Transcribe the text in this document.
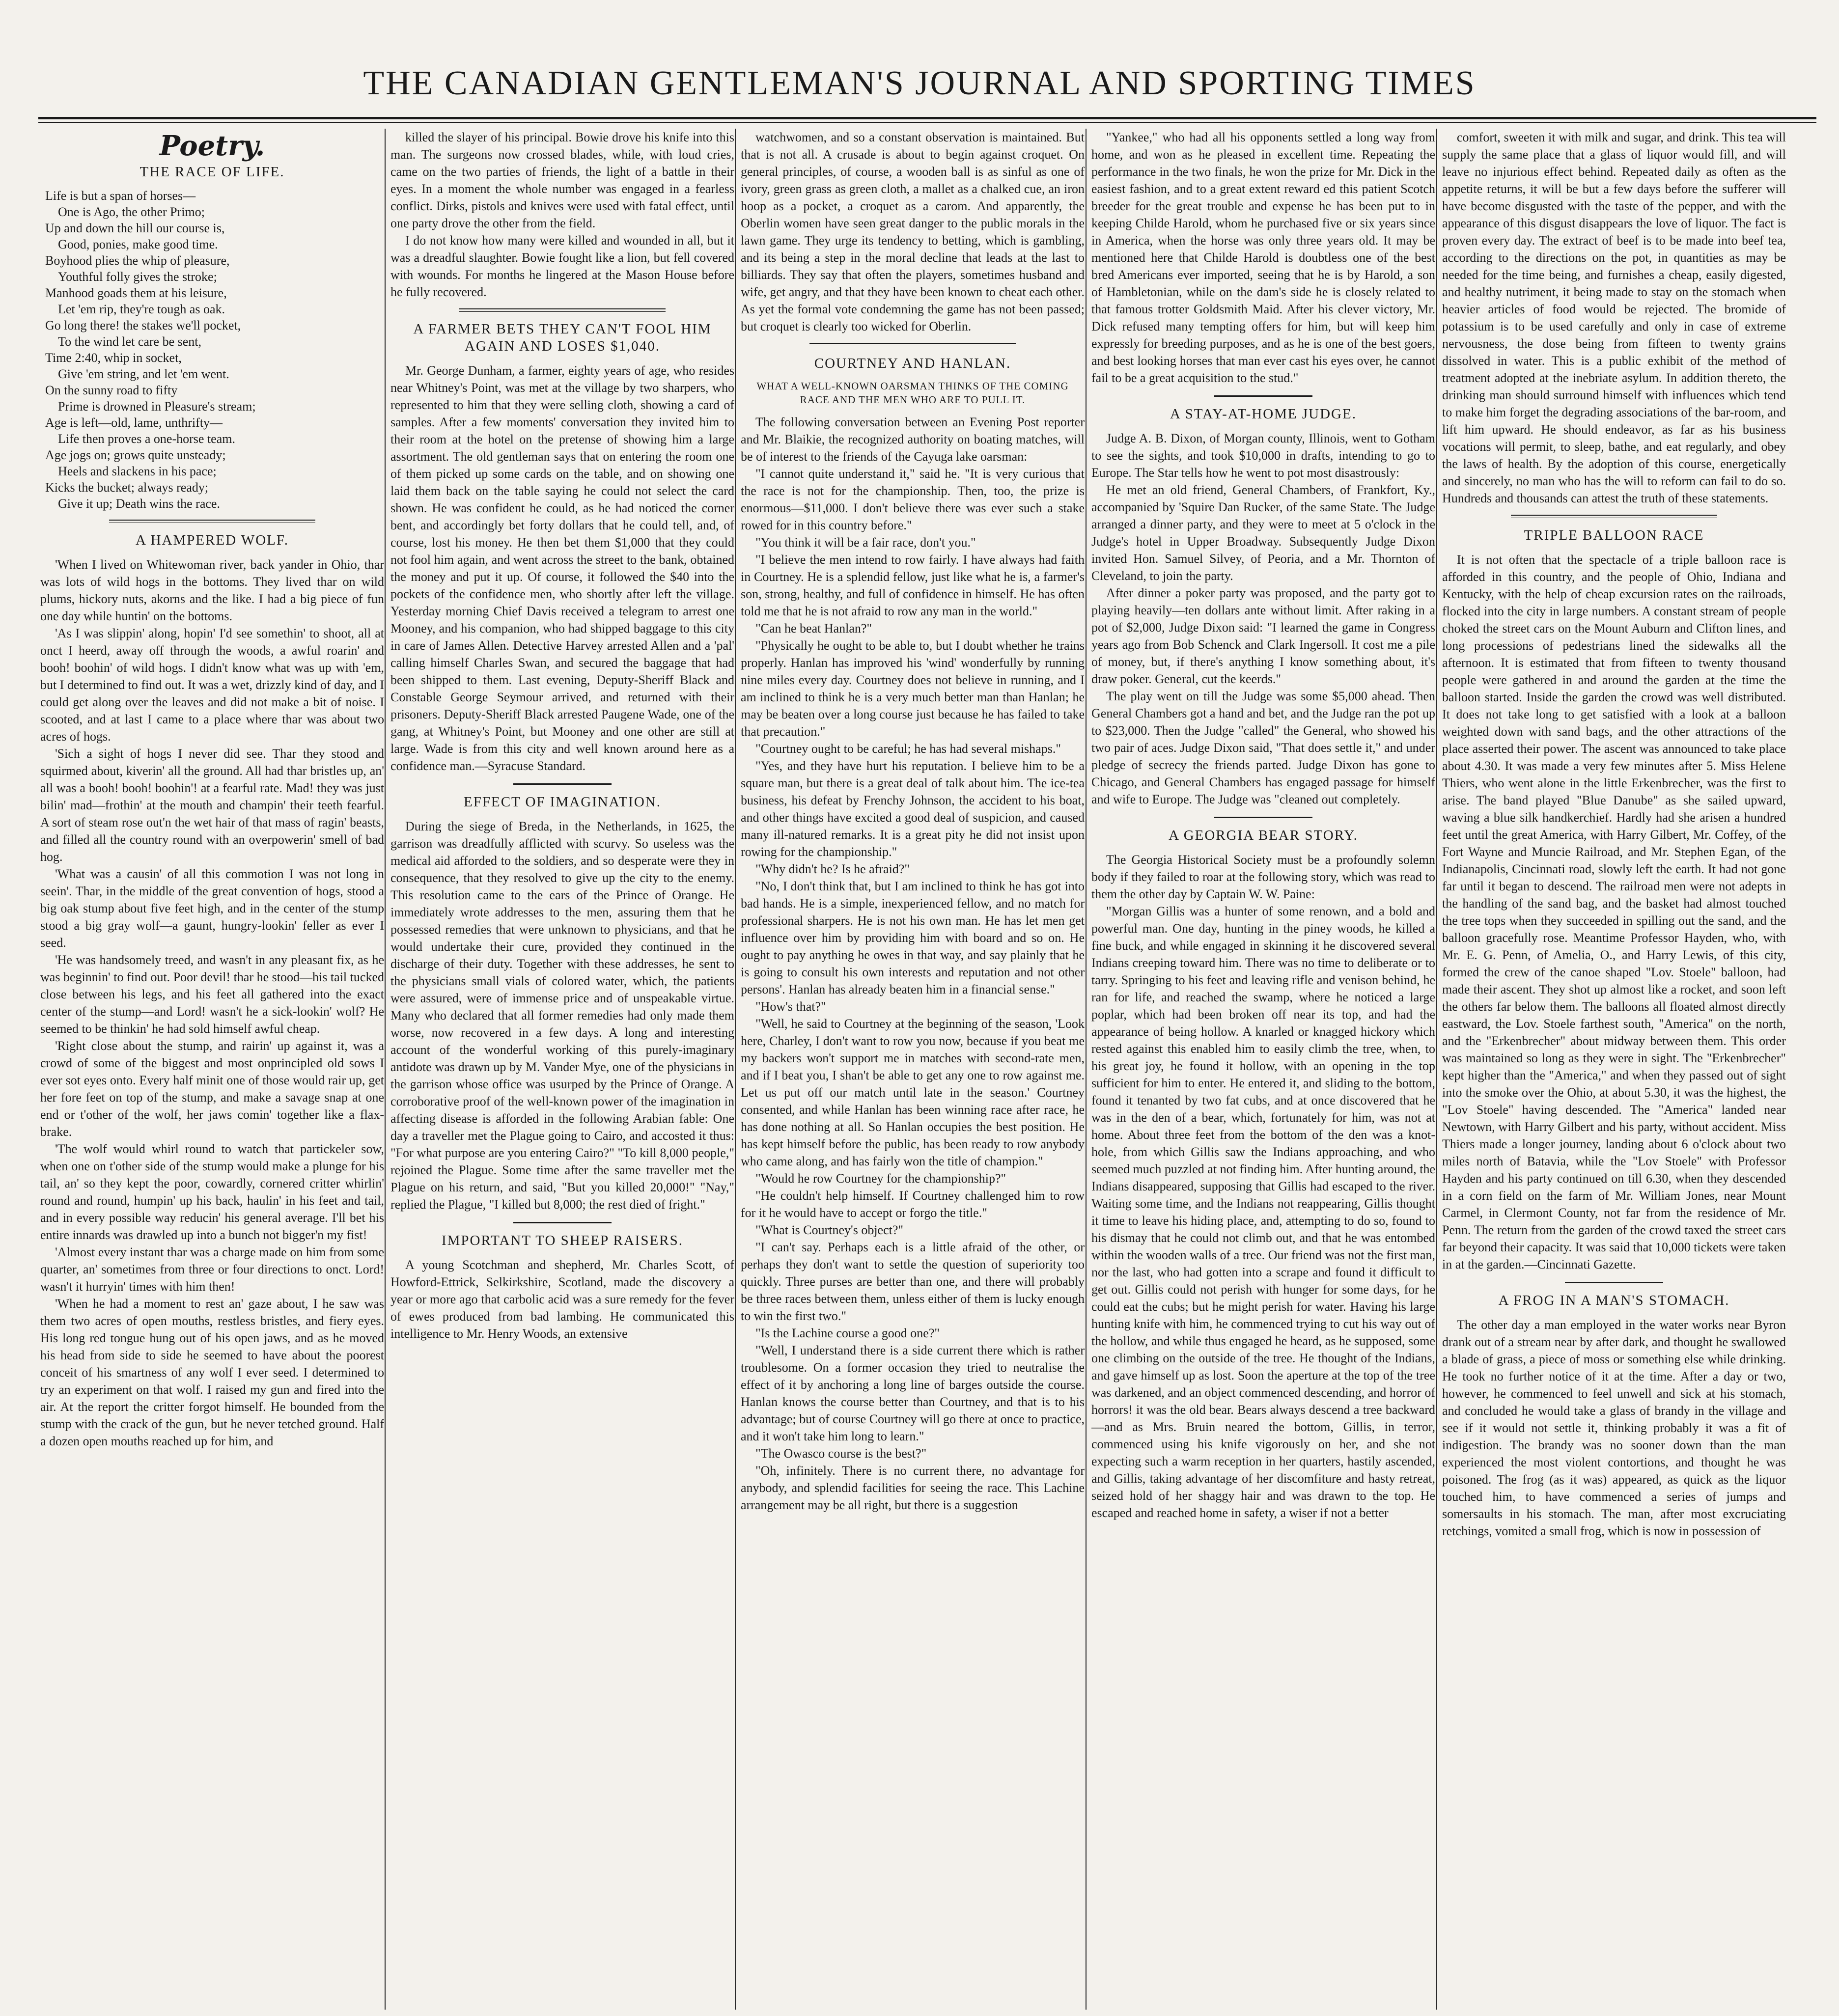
THE CANADIAN GENTLEMAN'S JOURNAL AND SPORTING TIMES
Poetry.
THE RACE OF LIFE.
Life is but a span of horses—
One is Ago, the other Primo;
Up and down the hill our course is,
Good, ponies, make good time.
Boyhood plies the whip of pleasure,
Youthful folly gives the stroke;
Manhood goads them at his leisure,
Let 'em rip, they're tough as oak.
Go long there! the stakes we'll pocket,
To the wind let care be sent,
Time 2:40, whip in socket,
Give 'em string, and let 'em went.
On the sunny road to fifty
Prime is drowned in Pleasure's stream;
Age is left—old, lame, unthrifty—
Life then proves a one-horse team.
Age jogs on; grows quite unsteady;
Heels and slackens in his pace;
Kicks the bucket; always ready;
Give it up; Death wins the race.
A HAMPERED WOLF.

'When I lived on Whitewoman river, back yander in Ohio, thar was lots of wild hogs in the bottoms. They lived thar on wild plums, hickory nuts, akorns and the like. I had a big piece of fun one day while huntin' on the bottoms.

'As I was slippin' along, hopin' I'd see somethin' to shoot, all at onct I heerd, away off through the woods, a awful roarin' and booh! boohin' of wild hogs. I didn't know what was up with 'em, but I determined to find out. It was a wet, drizzly kind of day, and I could get along over the leaves and did not make a bit of noise. I scooted, and at last I came to a place where thar was about two acres of hogs.

'Sich a sight of hogs I never did see. Thar they stood and squirmed about, kiverin' all the ground. All had thar bristles up, an' all was a booh! booh! boohin'! at a fearful rate. Mad! they was just bilin' mad—frothin' at the mouth and champin' their teeth fearful. A sort of steam rose out'n the wet hair of that mass of ragin' beasts, and filled all the country round with an overpowerin' smell of bad hog.

'What was a causin' of all this commotion I was not long in seein'. Thar, in the middle of the great convention of hogs, stood a big oak stump about five feet high, and in the center of the stump stood a big gray wolf—a gaunt, hungry-lookin' feller as ever I seed.

'He was handsomely treed, and wasn't in any pleasant fix, as he was beginnin' to find out. Poor devil! thar he stood—his tail tucked close between his legs, and his feet all gathered into the exact center of the stump—and Lord! wasn't he a sick-lookin' wolf? He seemed to be thinkin' he had sold himself awful cheap.

'Right close about the stump, and rairin' up against it, was a crowd of some of the biggest and most onprincipled old sows I ever sot eyes onto. Every half minit one of those would rair up, get her fore feet on top of the stump, and make a savage snap at one end or t'other of the wolf, her jaws comin' together like a flax-brake.

'The wolf would whirl round to watch that partickeler sow, when one on t'other side of the stump would make a plunge for his tail, an' so they kept the poor, cowardly, cornered critter whirlin' round and round, humpin' up his back, haulin' in his feet and tail, and in every possible way reducin' his general average. I'll bet his entire innards was drawled up into a bunch not bigger'n my fist!

'Almost every instant thar was a charge made on him from some quarter, an' sometimes from three or four directions to onct. Lord! wasn't it hurryin' times with him then!

'When he had a moment to rest an' gaze about, I he saw was them two acres of open mouths, restless bristles, and fiery eyes. His long red tongue hung out of his open jaws, and as he moved his head from side to side he seemed to have about the poorest conceit of his smartness of any wolf I ever seed. I determined to try an experiment on that wolf. I raised my gun and fired into the air. At the report the critter forgot himself. He bounded from the stump with the crack of the gun, but he never tetched ground. Half a dozen open mouths reached up for him, and

killed the slayer of his principal. Bowie drove his knife into this man. The surgeons now crossed blades, while, with loud cries, came on the two parties of friends, the light of a battle in their eyes. In a moment the whole number was engaged in a fearless conflict. Dirks, pistols and knives were used with fatal effect, until one party drove the other from the field.

I do not know how many were killed and wounded in all, but it was a dreadful slaughter. Bowie fought like a lion, but fell covered with wounds. For months he lingered at the Mason House before he fully recovered.

A FARMER BETS THEY CAN'T FOOL HIM AGAIN AND LOSES $1,040.

Mr. George Dunham, a farmer, eighty years of age, who resides near Whitney's Point, was met at the village by two sharpers, who represented to him that they were selling cloth, showing a card of samples. After a few moments' conversation they invited him to their room at the hotel on the pretense of showing him a large assortment. The old gentleman says that on entering the room one of them picked up some cards on the table, and on showing one laid them back on the table saying he could not select the card shown. He was confident he could, as he had noticed the corner bent, and accordingly bet forty dollars that he could tell, and, of course, lost his money. He then bet them $1,000 that they could not fool him again, and went across the street to the bank, obtained the money and put it up. Of course, it followed the $40 into the pockets of the confidence men, who shortly after left the village. Yesterday morning Chief Davis received a telegram to arrest one Mooney, and his companion, who had shipped baggage to this city in care of James Allen. Detective Harvey arrested Allen and a 'pal' calling himself Charles Swan, and secured the baggage that had been shipped to them. Last evening, Deputy-Sheriff Black and Constable George Seymour arrived, and returned with their prisoners. Deputy-Sheriff Black arrested Paugene Wade, one of the gang, at Whitney's Point, but Mooney and one other are still at large. Wade is from this city and well known around here as a confidence man.—Syracuse Standard.

EFFECT OF IMAGINATION.

During the siege of Breda, in the Netherlands, in 1625, the garrison was dreadfully afflicted with scurvy. So useless was the medical aid afforded to the soldiers, and so desperate were they in consequence, that they resolved to give up the city to the enemy. This resolution came to the ears of the Prince of Orange. He immediately wrote addresses to the men, assuring them that he possessed remedies that were unknown to physicians, and that he would undertake their cure, provided they continued in the discharge of their duty. Together with these addresses, he sent to the physicians small vials of colored water, which, the patients were assured, were of immense price and of unspeakable virtue. Many who declared that all former remedies had only made them worse, now recovered in a few days. A long and interesting account of the wonderful working of this purely-imaginary antidote was drawn up by M. Vander Mye, one of the physicians in the garrison whose office was usurped by the Prince of Orange. A corroborative proof of the well-known power of the imagination in affecting disease is afforded in the following Arabian fable: One day a traveller met the Plague going to Cairo, and accosted it thus: "For what purpose are you entering Cairo?" "To kill 8,000 people," rejoined the Plague. Some time after the same traveller met the Plague on his return, and said, "But you killed 20,000!" "Nay," replied the Plague, "I killed but 8,000; the rest died of fright."

IMPORTANT TO SHEEP RAISERS.

A young Scotchman and shepherd, Mr. Charles Scott, of Howford-Ettrick, Selkirkshire, Scotland, made the discovery a year or more ago that carbolic acid was a sure remedy for the fever of ewes produced from bad lambing. He communicated this intelligence to Mr. Henry Woods, an extensive

watchwomen, and so a constant observation is maintained. But that is not all. A crusade is about to begin against croquet. On general principles, of course, a wooden ball is as sinful as one of ivory, green grass as green cloth, a mallet as a chalked cue, an iron hoop as a pocket, a croquet as a carom. And apparently, the Oberlin women have seen great danger to the public morals in the lawn game. They urge its tendency to betting, which is gambling, and its being a step in the moral decline that leads at the last to billiards. They say that often the players, sometimes husband and wife, get angry, and that they have been known to cheat each other. As yet the formal vote condemning the game has not been passed; but croquet is clearly too wicked for Oberlin.

COURTNEY AND HANLAN.
WHAT A WELL-KNOWN OARSMAN THINKS OF THE COMING RACE AND THE MEN WHO ARE TO PULL IT.

The following conversation between an Evening Post reporter and Mr. Blaikie, the recognized authority on boating matches, will be of interest to the friends of the Cayuga lake oarsman:

"I cannot quite understand it," said he. "It is very curious that the race is not for the championship. Then, too, the prize is enormous—$11,000. I don't believe there was ever such a stake rowed for in this country before."

"You think it will be a fair race, don't you."

"I believe the men intend to row fairly. I have always had faith in Courtney. He is a splendid fellow, just like what he is, a farmer's son, strong, healthy, and full of confidence in himself. He has often told me that he is not afraid to row any man in the world."

"Can he beat Hanlan?"

"Physically he ought to be able to, but I doubt whether he trains properly. Hanlan has improved his 'wind' wonderfully by running nine miles every day. Courtney does not believe in running, and I am inclined to think he is a very much better man than Hanlan; he may be beaten over a long course just because he has failed to take that precaution."

"Courtney ought to be careful; he has had several mishaps."

"Yes, and they have hurt his reputation. I believe him to be a square man, but there is a great deal of talk about him. The ice-tea business, his defeat by Frenchy Johnson, the accident to his boat, and other things have excited a good deal of suspicion, and caused many ill-natured remarks. It is a great pity he did not insist upon rowing for the championship."

"Why didn't he? Is he afraid?"

"No, I don't think that, but I am inclined to think he has got into bad hands. He is a simple, inexperienced fellow, and no match for professional sharpers. He is not his own man. He has let men get influence over him by providing him with board and so on. He ought to pay anything he owes in that way, and say plainly that he is going to consult his own interests and reputation and not other persons'. Hanlan has already beaten him in a financial sense."

"How's that?"

"Well, he said to Courtney at the beginning of the season, 'Look here, Charley, I don't want to row you now, because if you beat me my backers won't support me in matches with second-rate men, and if I beat you, I shan't be able to get any one to row against me. Let us put off our match until late in the season.' Courtney consented, and while Hanlan has been winning race after race, he has done nothing at all. So Hanlan occupies the best position. He has kept himself before the public, has been ready to row anybody who came along, and has fairly won the title of champion."

"Would he row Courtney for the championship?"

"He couldn't help himself. If Courtney challenged him to row for it he would have to accept or forgo the title."

"What is Courtney's object?"

"I can't say. Perhaps each is a little afraid of the other, or perhaps they don't want to settle the question of superiority too quickly. Three purses are better than one, and there will probably be three races between them, unless either of them is lucky enough to win the first two."

"Is the Lachine course a good one?"

"Well, I understand there is a side current there which is rather troublesome. On a former occasion they tried to neutralise the effect of it by anchoring a long line of barges outside the course. Hanlan knows the course better than Courtney, and that is to his advantage; but of course Courtney will go there at once to practice, and it won't take him long to learn."

"The Owasco course is the best?"

"Oh, infinitely. There is no current there, no advantage for anybody, and splendid facilities for seeing the race. This Lachine arrangement may be all right, but there is a suggestion

"Yankee," who had all his opponents settled a long way from home, and won as he pleased in excellent time. Repeating the performance in the two finals, he won the prize for Mr. Dick in the easiest fashion, and to a great extent reward ed this patient Scotch breeder for the great trouble and expense he has been put to in keeping Childe Harold, whom he purchased five or six years since in America, when the horse was only three years old. It may be mentioned here that Childe Harold is doubtless one of the best bred Americans ever imported, seeing that he is by Harold, a son of Hambletonian, while on the dam's side he is closely related to that famous trotter Goldsmith Maid. After his clever victory, Mr. Dick refused many tempting offers for him, but will keep him expressly for breeding purposes, and as he is one of the best goers, and best looking horses that man ever cast his eyes over, he cannot fail to be a great acquisition to the stud."

A STAY-AT-HOME JUDGE.

Judge A. B. Dixon, of Morgan county, Illinois, went to Gotham to see the sights, and took $10,000 in drafts, intending to go to Europe. The Star tells how he went to pot most disastrously:

He met an old friend, General Chambers, of Frankfort, Ky., accompanied by 'Squire Dan Rucker, of the same State. The Judge arranged a dinner party, and they were to meet at 5 o'clock in the Judge's hotel in Upper Broadway. Subsequently Judge Dixon invited Hon. Samuel Silvey, of Peoria, and a Mr. Thornton of Cleveland, to join the party.

After dinner a poker party was proposed, and the party got to playing heavily—ten dollars ante without limit. After raking in a pot of $2,000, Judge Dixon said: "I learned the game in Congress years ago from Bob Schenck and Clark Ingersoll. It cost me a pile of money, but, if there's anything I know something about, it's draw poker. General, cut the keerds."

The play went on till the Judge was some $5,000 ahead. Then General Chambers got a hand and bet, and the Judge ran the pot up to $23,000. Then the Judge "called" the General, who showed his two pair of aces. Judge Dixon said, "That does settle it," and under pledge of secrecy the friends parted. Judge Dixon has gone to Chicago, and General Chambers has engaged passage for himself and wife to Europe. The Judge was "cleaned out completely.

A GEORGIA BEAR STORY.

The Georgia Historical Society must be a profoundly solemn body if they failed to roar at the following story, which was read to them the other day by Captain W. W. Paine:

"Morgan Gillis was a hunter of some renown, and a bold and powerful man. One day, hunting in the piney woods, he killed a fine buck, and while engaged in skinning it he discovered several Indians creeping toward him. There was no time to deliberate or to tarry. Springing to his feet and leaving rifle and venison behind, he ran for life, and reached the swamp, where he noticed a large poplar, which had been broken off near its top, and had the appearance of being hollow. A knarled or knagged hickory which rested against this enabled him to easily climb the tree, when, to his great joy, he found it hollow, with an opening in the top sufficient for him to enter. He entered it, and sliding to the bottom, found it tenanted by two fat cubs, and at once discovered that he was in the den of a bear, which, fortunately for him, was not at home. About three feet from the bottom of the den was a knot-hole, from which Gillis saw the Indians approaching, and who seemed much puzzled at not finding him. After hunting around, the Indians disappeared, supposing that Gillis had escaped to the river. Waiting some time, and the Indians not reappearing, Gillis thought it time to leave his hiding place, and, attempting to do so, found to his dismay that he could not climb out, and that he was entombed within the wooden walls of a tree. Our friend was not the first man, nor the last, who had gotten into a scrape and found it difficult to get out. Gillis could not perish with hunger for some days, for he could eat the cubs; but he might perish for water. Having his large hunting knife with him, he commenced trying to cut his way out of the hollow, and while thus engaged he heard, as he supposed, some one climbing on the outside of the tree. He thought of the Indians, and gave himself up as lost. Soon the aperture at the top of the tree was darkened, and an object commenced descending, and horror of horrors! it was the old bear. Bears always descend a tree backward—and as Mrs. Bruin neared the bottom, Gillis, in terror, commenced using his knife vigorously on her, and she not expecting such a warm reception in her quarters, hastily ascended, and Gillis, taking advantage of her discomfiture and hasty retreat, seized hold of her shaggy hair and was drawn to the top. He escaped and reached home in safety, a wiser if not a better

comfort, sweeten it with milk and sugar, and drink. This tea will supply the same place that a glass of liquor would fill, and will leave no injurious effect behind. Repeated daily as often as the appetite returns, it will be but a few days before the sufferer will have become disgusted with the taste of the pepper, and with the appearance of this disgust disappears the love of liquor. The fact is proven every day. The extract of beef is to be made into beef tea, according to the directions on the pot, in quantities as may be needed for the time being, and furnishes a cheap, easily digested, and healthy nutriment, it being made to stay on the stomach when heavier articles of food would be rejected. The bromide of potassium is to be used carefully and only in case of extreme nervousness, the dose being from fifteen to twenty grains dissolved in water. This is a public exhibit of the method of treatment adopted at the inebriate asylum. In addition thereto, the drinking man should surround himself with influences which tend to make him forget the degrading associations of the bar-room, and lift him upward. He should endeavor, as far as his business vocations will permit, to sleep, bathe, and eat regularly, and obey the laws of health. By the adoption of this course, energetically and sincerely, no man who has the will to reform can fail to do so. Hundreds and thousands can attest the truth of these statements.

TRIPLE BALLOON RACE

It is not often that the spectacle of a triple balloon race is afforded in this country, and the people of Ohio, Indiana and Kentucky, with the help of cheap excursion rates on the railroads, flocked into the city in large numbers. A constant stream of people choked the street cars on the Mount Auburn and Clifton lines, and long processions of pedestrians lined the sidewalks all the afternoon. It is estimated that from fifteen to twenty thousand people were gathered in and around the garden at the time the balloon started. Inside the garden the crowd was well distributed. It does not take long to get satisfied with a look at a balloon weighted down with sand bags, and the other attractions of the place asserted their power. The ascent was announced to take place about 4.30. It was made a very few minutes after 5. Miss Helene Thiers, who went alone in the little Erkenbrecher, was the first to arise. The band played "Blue Danube" as she sailed upward, waving a blue silk handkerchief. Hardly had she arisen a hundred feet until the great America, with Harry Gilbert, Mr. Coffey, of the Fort Wayne and Muncie Railroad, and Mr. Stephen Egan, of the Indianapolis, Cincinnati road, slowly left the earth. It had not gone far until it began to descend. The railroad men were not adepts in the handling of the sand bag, and the basket had almost touched the tree tops when they succeeded in spilling out the sand, and the balloon gracefully rose. Meantime Professor Hayden, who, with Mr. E. G. Penn, of Amelia, O., and Harry Lewis, of this city, formed the crew of the canoe shaped "Lov. Stoele" balloon, had made their ascent. They shot up almost like a rocket, and soon left the others far below them. The balloons all floated almost directly eastward, the Lov. Stoele farthest south, "America" on the north, and the "Erkenbrecher" about midway between them. This order was maintained so long as they were in sight. The "Erkenbrecher" kept higher than the "America," and when they passed out of sight into the smoke over the Ohio, at about 5.30, it was the highest, the "Lov Stoele" having descended. The "America" landed near Newtown, with Harry Gilbert and his party, without accident. Miss Thiers made a longer journey, landing about 6 o'clock about two miles north of Batavia, while the "Lov Stoele" with Professor Hayden and his party continued on till 6.30, when they descended in a corn field on the farm of Mr. William Jones, near Mount Carmel, in Clermont County, not far from the residence of Mr. Penn. The return from the garden of the crowd taxed the street cars far beyond their capacity. It was said that 10,000 tickets were taken in at the garden.—Cincinnati Gazette.

A FROG IN A MAN'S STOMACH.

The other day a man employed in the water works near Byron drank out of a stream near by after dark, and thought he swallowed a blade of grass, a piece of moss or something else while drinking. He took no further notice of it at the time. After a day or two, however, he commenced to feel unwell and sick at his stomach, and concluded he would take a glass of brandy in the village and see if it would not settle it, thinking probably it was a fit of indigestion. The brandy was no sooner down than the man experienced the most violent contortions, and thought he was poisoned. The frog (as it was) appeared, as quick as the liquor touched him, to have commenced a series of jumps and somersaults in his stomach. The man, after most excruciating retchings, vomited a small frog, which is now in possession of
